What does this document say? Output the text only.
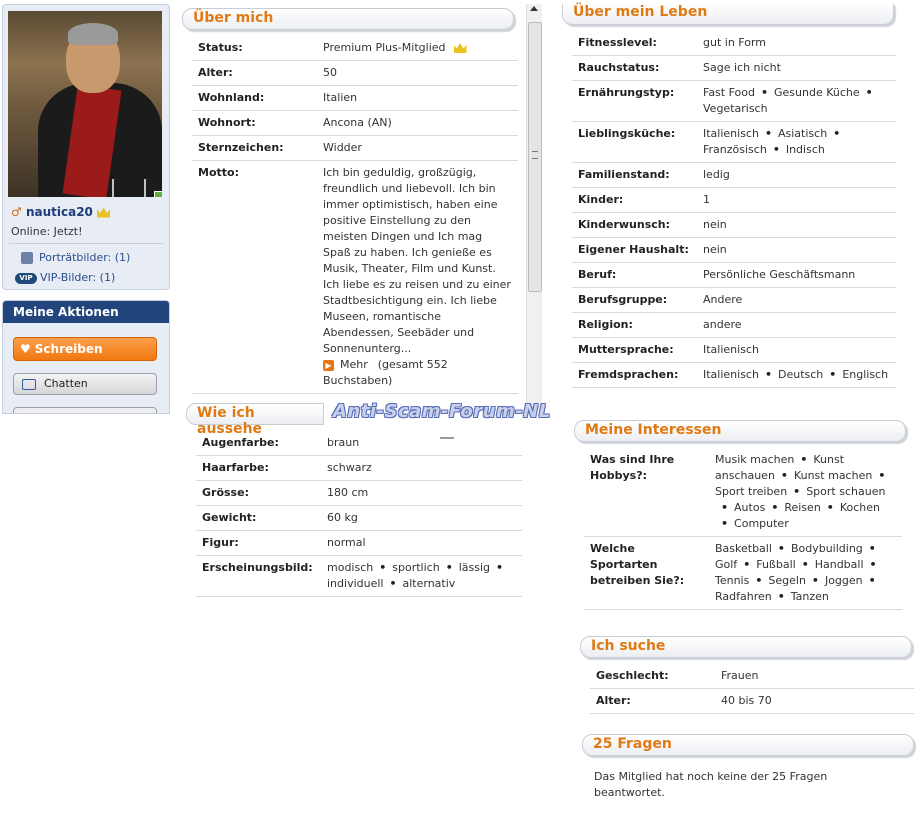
♂ nautica20
Online: Jetzt!
Porträtbilder: (1)
VIP VIP-Bilder: (1)
Meine Aktionen
♥ Schreiben
Chatten
Über mich
Status:	Premium Plus-Mitglied
Alter:	50
Wohnland:	Italien
Wohnort:	Ancona (AN)
Sternzeichen:	Widder
Motto:	Ich bin geduldig, großzügig, freundlich und liebevoll. Ich bin immer optimistisch, haben eine positive Einstellung zu den meisten Dingen und Ich mag Spaß zu haben. Ich genieße es Musik, Theater, Film und Kunst. Ich liebe es zu reisen und zu einer Stadtbesichtigung ein. Ich liebe Museen, romantische Abendessen, Seebäder und Sonnenunterg...
▶ Mehr (gesamt 552 Buchstaben)
Wie ich aussehe
Anti-Scam-Forum-NL
Augenfarbe:	braun
Haarfarbe:	schwarz
Grösse:	180 cm
Gewicht:	60 kg
Figur:	normal
Erscheinungsbild:	modisch • sportlich • lässig •individuell • alternativ
Über mein Leben
Fitnesslevel:	gut in Form
Rauchstatus:	Sage ich nicht
Ernährungstyp:	Fast Food • Gesunde Küche •Vegetarisch
Lieblingsküche:	Italienisch • Asiatisch •Französisch • Indisch
Familienstand:	ledig
Kinder:	1
Kinderwunsch:	nein
Eigener Haushalt:	nein
Beruf:	Persönliche Geschäftsmann
Berufsgruppe:	Andere
Religion:	andere
Muttersprache:	Italienisch
Fremdsprachen:	Italienisch • Deutsch • Englisch
Meine Interessen
Was sind Ihre Hobbys?:	Musik machen • Kunst anschauen • Kunst machen •Sport treiben • Sport schauen• Autos • Reisen • Kochen• Computer
Welche Sportarten betreiben Sie?:	Basketball • Bodybuilding •Golf • Fußball • Handball •Tennis • Segeln • Joggen •Radfahren • Tanzen
Ich suche
Geschlecht:	Frauen
Alter:	40 bis 70
25 Fragen
Das Mitglied hat noch keine der 25 Fragen beantwortet.
